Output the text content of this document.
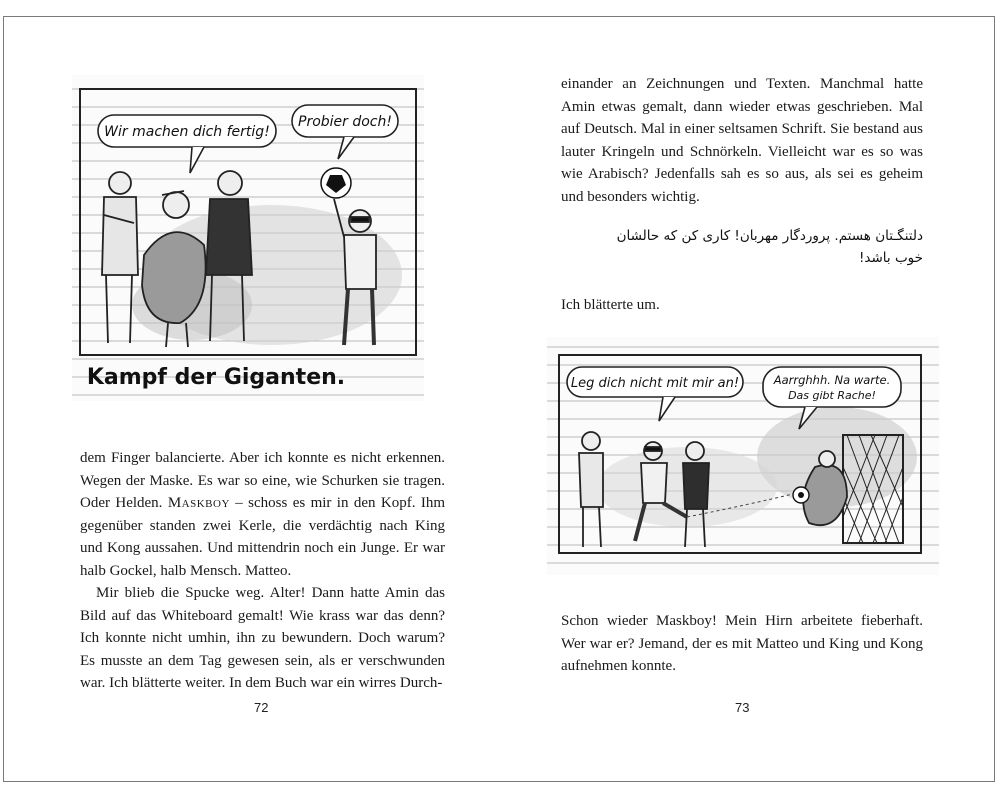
Wir machen dich fertig!
Probier doch!
Kampf der Giganten.

dem Finger balancierte. Aber ich konnte es nicht erkennen. Wegen der Maske. Es war so eine, wie Schurken sie tragen. Oder Helden. Maskboy – schoss es mir in den Kopf. Ihm gegenüber standen zwei Kerle, die verdächtig nach King und Kong aussahen. Und mittendrin noch ein Junge. Er war halb Gockel, halb Mensch. Matteo.

Mir blieb die Spucke weg. Alter! Dann hatte Amin das Bild auf das Whiteboard gemalt! Wie krass war das denn? Ich konnte nicht umhin, ihn zu bewundern. Doch warum? Es musste an dem Tag gewesen sein, als er verschwunden war. Ich blätterte weiter. In dem Buch war ein wirres Durch-

72

einander an Zeichnungen und Texten. Manchmal hatte Amin etwas gemalt, dann wieder etwas geschrieben. Mal auf Deutsch. Mal in einer seltsamen Schrift. Sie bestand aus lauter Kringeln und Schnörkeln. Vielleicht war es so was wie Arabisch? Jedenfalls sah es so aus, als sei es geheim und besonders wichtig.

دلتنگـتان هستم. پروردگار مهربان! کاری کن که حالشان
خوب باشد!

Ich blätterte um.

Leg dich nicht mit mir an!	Aarrghhh. Na warte.
Das gibt Rache!

Schon wieder Maskboy! Mein Hirn arbeitete fieberhaft. Wer war er? Jemand, der es mit Matteo und King und Kong aufnehmen konnte.

73
